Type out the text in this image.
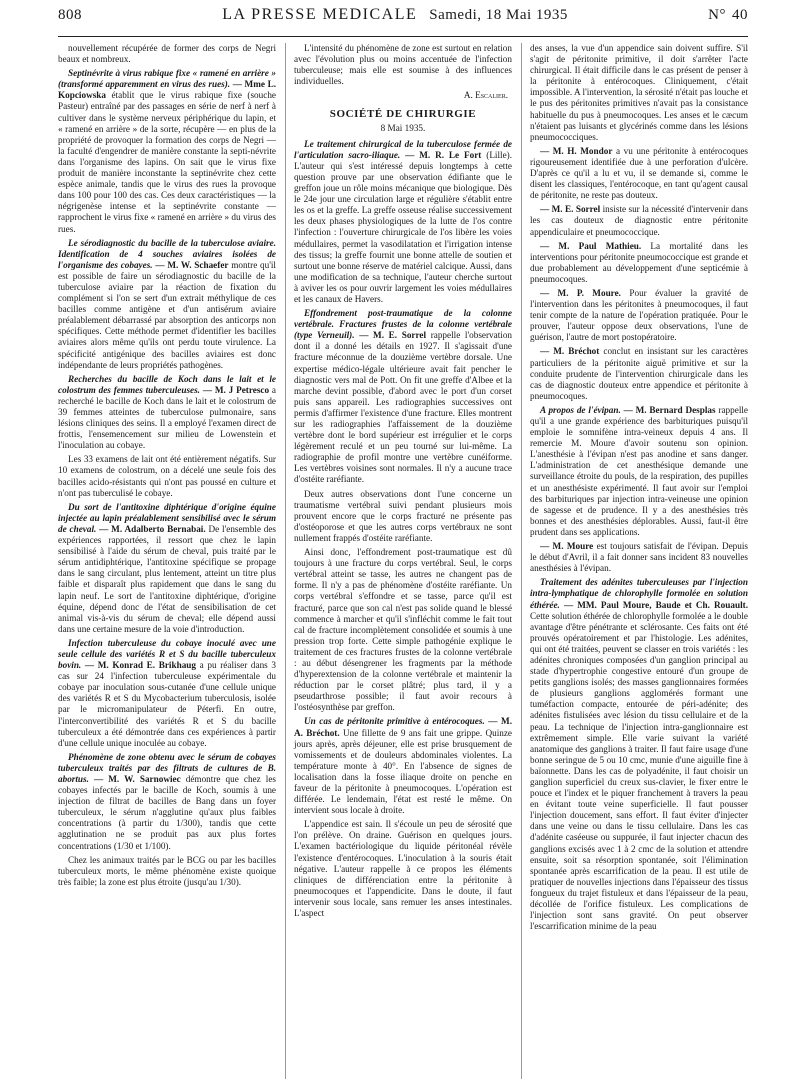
808	LA PRESSE MEDICALE Samedi, 18 Mai 1935	N° 40

nouvellement récupérée de former des corps de Negri beaux et nombreux.

Septinévrite à virus rabique fixe « ramené en arrière » (transformé apparemment en virus des rues). — Mme L. Kopciowska établit que le virus rabique fixe (souche Pasteur) entraîné par des passages en série de nerf à nerf à cultiver dans le système nerveux périphérique du lapin, et « ramené en arrière » de la sorte, récupère — en plus de la propriété de provoquer la formation des corps de Negri — la faculté d'engendrer de manière constante la septi-névrite dans l'organisme des lapins. On sait que le virus fixe produit de manière inconstante la septinévrite chez cette espèce animale, tandis que le virus des rues la provoque dans 100 pour 100 des cas. Ces deux caractéristiques — la négrigenèse intense et la septinévrite constante — rapprochent le virus fixe « ramené en arrière » du virus des rues.

Le sérodiagnostic du bacille de la tuberculose aviaire. Identification de 4 souches aviaires isolées de l'organisme des cobayes. — M. W. Schaefer montre qu'il est possible de faire un sérodiagnostic du bacille de la tuberculose aviaire par la réaction de fixation du complément si l'on se sert d'un extrait méthylique de ces bacilles comme antigène et d'un antisérum aviaire préalablement débarrassé par absorption des anticorps non spécifiques. Cette méthode permet d'identifier les bacilles aviaires alors même qu'ils ont perdu toute virulence. La spécificité antigénique des bacilles aviaires est donc indépendante de leurs propriétés pathogènes.

Recherches du bacille de Koch dans le lait et le colostrum des femmes tuberculeuses. — M. J Petresco a recherché le bacille de Koch dans le lait et le colostrum de 39 femmes atteintes de tuberculose pulmonaire, sans lésions cliniques des seins. Il a employé l'examen direct de frottis, l'ensemencement sur milieu de Lowenstein et l'inoculation au cobaye.

Les 33 examens de lait ont été entièrement négatifs. Sur 10 examens de colostrum, on a décelé une seule fois des bacilles acido-résistants qui n'ont pas poussé en culture et n'ont pas tuberculisé le cobaye.

Du sort de l'antitoxine diphtérique d'origine équine injectée au lapin préalablement sensibilisé avec le sérum de cheval. — M. Adalberto Bernabai. De l'ensemble des expériences rapportées, il ressort que chez le lapin sensibilisé à l'aide du sérum de cheval, puis traité par le sérum antidiphtérique, l'antitoxine spécifique se propage dans le sang circulant, plus lentement, atteint un titre plus faible et disparaît plus rapidement que dans le sang du lapin neuf. Le sort de l'antitoxine diphtérique, d'origine équine, dépend donc de l'état de sensibilisation de cet animal vis-à-vis du sérum de cheval; elle dépend aussi dans une certaine mesure de la voie d'introduction.

Infection tuberculeuse du cobaye inoculé avec une seule cellule des variétés R et S du bacille tuberculeux bovin. — M. Konrad E. Brikhaug a pu réaliser dans 3 cas sur 24 l'infection tuberculeuse expérimentale du cobaye par inoculation sous-cutanée d'une cellule unique des variétés R et S du Mycobacterium tuberculosis, isolée par le micromanipulateur de Péterfi. En outre, l'interconvertibilité des variétés R et S du bacille tuberculeux a été démontrée dans ces expériences à partir d'une cellule unique inoculée au cobaye.

Phénomène de zone obtenu avec le sérum de cobayes tuberculeux traités par des filtrats de cultures de B. abortus. — M. W. Sarnowiec démontre que chez les cobayes infectés par le bacille de Koch, soumis à une injection de filtrat de bacilles de Bang dans un foyer tuberculeux, le sérum n'agglutine qu'aux plus faibles concentrations (à partir du 1/300), tandis que cette agglutination ne se produit pas aux plus fortes concentrations (1/30 et 1/100).

Chez les animaux traités par le BCG ou par les bacilles tuberculeux morts, le même phénomène existe quoique très faible; la zone est plus étroite (jusqu'au 1/30).

L'intensité du phénomène de zone est surtout en relation avec l'évolution plus ou moins accentuée de l'infection tuberculeuse; mais elle est soumise à des influences individuelles.

A. Escalier.
SOCIÉTÉ DE CHIRURGIE
8 Mai 1935.

Le traitement chirurgical de la tuberculose fermée de l'articulation sacro-iliaque. — M. R. Le Fort (Lille). L'auteur qui s'est intéressé depuis longtemps à cette question prouve par une observation édifiante que le greffon joue un rôle moins mécanique que biologique. Dès le 24e jour une circulation large et régulière s'établit entre les os et la greffe. La greffe osseuse réalise successivement les deux phases physiologiques de la lutte de l'os contre l'infection : l'ouverture chirurgicale de l'os libère les voies médullaires, permet la vasodilatation et l'irrigation intense des tissus; la greffe fournit une bonne attelle de soutien et surtout une bonne réserve de matériel calcique. Aussi, dans une modification de sa technique, l'auteur cherche surtout à aviver les os pour ouvrir largement les voies médullaires et les canaux de Havers.

Effondrement post-traumatique de la colonne vertébrale. Fractures frustes de la colonne vertébrale (type Verneuil). — M. E. Sorrel rappelle l'observation dont il a donné les détails en 1927. Il s'agissait d'une fracture méconnue de la douzième vertèbre dorsale. Une expertise médico-légale ultérieure avait fait pencher le diagnostic vers mal de Pott. On fit une greffe d'Albee et la marche devint possible, d'abord avec le port d'un corset puis sans appareil. Les radiographies successives ont permis d'affirmer l'existence d'une fracture. Elles montrent sur les radiographies l'affaissement de la douzième vertèbre dont le bord supérieur est irrégulier et le corps légèrement reculé et un peu tourné sur lui-même. La radiographie de profil montre une vertèbre cunéiforme. Les vertèbres voisines sont normales. Il n'y a aucune trace d'ostéite raréfiante.

Deux autres observations dont l'une concerne un traumatisme vertébral suivi pendant plusieurs mois prouvent encore que le corps fracturé ne présente pas d'ostéoporose et que les autres corps vertébraux ne sont nullement frappés d'ostéite raréfiante.

Ainsi donc, l'effondrement post-traumatique est dû toujours à une fracture du corps vertébral. Seul, le corps vertébral atteint se tasse, les autres ne changent pas de forme. Il n'y a pas de phénomène d'ostéite raréfiante. Un corps vertébral s'effondre et se tasse, parce qu'il est fracturé, parce que son cal n'est pas solide quand le blessé commence à marcher et qu'il s'infléchit comme le fait tout cal de fracture incomplètement consolidée et soumis à une pression trop forte. Cette simple pathogénie explique le traitement de ces fractures frustes de la colonne vertébrale : au début désengrener les fragments par la méthode d'hyperextension de la colonne vertébrale et maintenir la réduction par le corset plâtré; plus tard, il y a pseudarthrose possible; il faut avoir recours à l'ostéosynthèse par greffon.

Un cas de péritonite primitive à entérocoques. — M. A. Bréchot. Une fillette de 9 ans fait une grippe. Quinze jours après, après déjeuner, elle est prise brusquement de vomissements et de douleurs abdominales violentes. La température monte à 40°. En l'absence de signes de localisation dans la fosse iliaque droite on penche en faveur de la péritonite à pneumocoques. L'opération est différée. Le lendemain, l'état est resté le même. On intervient sous locale à droite.

L'appendice est sain. Il s'écoule un peu de sérosité que l'on prélève. On draine. Guérison en quelques jours. L'examen bactériologique du liquide péritonéal révèle l'existence d'entérocoques. L'inoculation à la souris était négative. L'auteur rappelle à ce propos les éléments cliniques de différenciation entre la péritonite à pneumocoques et l'appendicite. Dans le doute, il faut intervenir sous locale, sans remuer les anses intestinales. L'aspect

des anses, la vue d'un appendice sain doivent suffire. S'il s'agit de péritonite primitive, il doit s'arrêter l'acte chirurgical. Il était difficile dans le cas présent de penser à la péritonite à entérocoques. Cliniquement, c'était impossible. A l'intervention, la sérosité n'était pas louche et le pus des péritonites primitives n'avait pas la consistance habituelle du pus à pneumocoques. Les anses et le cæcum n'étaient pas luisants et glycérinés comme dans les lésions pneumococciques.

— M. H. Mondor a vu une péritonite à entérocoques rigoureusement identifiée due à une perforation d'ulcère. D'après ce qu'il a lu et vu, il se demande si, comme le disent les classiques, l'entérocoque, en tant qu'agent causal de péritonite, ne reste pas douteux.

— M. E. Sorrel insiste sur la nécessité d'intervenir dans les cas douteux de diagnostic entre péritonite appendiculaire et pneumococcique.

— M. Paul Mathieu. La mortalité dans les interventions pour péritonite pneumococcique est grande et due probablement au développement d'une septicémie à pneumocoques.

— M. P. Moure. Pour évaluer la gravité de l'intervention dans les péritonites à pneumocoques, il faut tenir compte de la nature de l'opération pratiquée. Pour le prouver, l'auteur oppose deux observations, l'une de guérison, l'autre de mort postopératoire.

— M. Bréchot conclut en insistant sur les caractères particuliers de la péritonite aiguë primitive et sur la conduite prudente de l'intervention chirurgicale dans les cas de diagnostic douteux entre appendice et péritonite à pneumocoques.

A propos de l'évipan. — M. Bernard Desplas rappelle qu'il a une grande expérience des barbituriques puisqu'il emploie le somnifène intra-veineux depuis 4 ans. Il remercie M. Moure d'avoir soutenu son opinion. L'anesthésie à l'évipan n'est pas anodine et sans danger. L'administration de cet anesthésique demande une surveillance étroite du pouls, de la respiration, des pupilles et un anesthésiste expérimenté. Il faut avoir sur l'emploi des barbituriques par injection intra-veineuse une opinion de sagesse et de prudence. Il y a des anesthésies très bonnes et des anesthésies déplorables. Aussi, faut-il être prudent dans ses applications.

— M. Moure est toujours satisfait de l'évipan. Depuis le début d'Avril, il a fait donner sans incident 83 nouvelles anesthésies à l'évipan.

Traitement des adénites tuberculeuses par l'injection intra-lymphatique de chlorophylle formolée en solution éthérée. — MM. Paul Moure, Baude et Ch. Rouault. Cette solution éthérée de chlorophylle formolée a le double avantage d'être pénétrante et sclérosante. Ces faits ont été prouvés opératoirement et par l'histologie. Les adénites, qui ont été traitées, peuvent se classer en trois variétés : les adénites chroniques composées d'un ganglion principal au stade d'hypertrophie congestive entouré d'un groupe de petits ganglions isolés; des masses ganglionnaires formées de plusieurs ganglions agglomérés formant une tuméfaction compacte, entourée de péri-adénite; des adénites fistulisées avec lésion du tissu cellulaire et de la peau. La technique de l'injection intra-ganglionnaire est extrêmement simple. Elle varie suivant la variété anatomique des ganglions à traiter. Il faut faire usage d'une bonne seringue de 5 ou 10 cmc, munie d'une aiguille fine à baïonnette. Dans les cas de polyadénite, il faut choisir un ganglion superficiel du creux sus-clavier, le fixer entre le pouce et l'index et le piquer franchement à travers la peau en évitant toute veine superficielle. Il faut pousser l'injection doucement, sans effort. Il faut éviter d'injecter dans une veine ou dans le tissu cellulaire. Dans les cas d'adénite caséeuse ou suppurée, il faut injecter chacun des ganglions excisés avec 1 à 2 cmc de la solution et attendre ensuite, soit sa résorption spontanée, soit l'élimination spontanée après escarrification de la peau. Il est utile de pratiquer de nouvelles injections dans l'épaisseur des tissus fongueux du trajet fistuleux et dans l'épaisseur de la peau, décollée de l'orifice fistuleux. Les complications de l'injection sont sans gravité. On peut observer l'escarrification minime de la peau
